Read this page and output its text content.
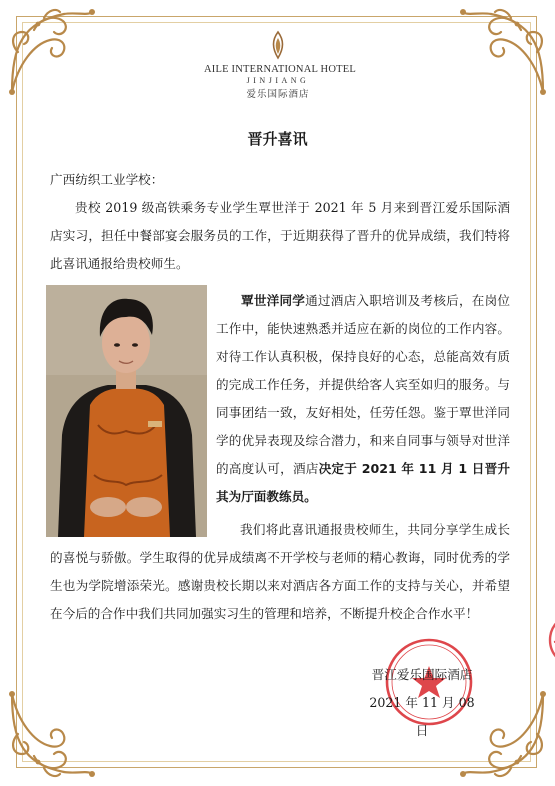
AILE INTERNATIONAL HOTEL
JINJIANG
爱乐国际酒店
晋升喜讯
广西纺织工业学校：
贵校 2019 级高铁乘务专业学生覃世洋于 2021 年 5 月来到晋江爱乐国际酒店实习，担任中餐部宴会服务员的工作，于近期获得了晋升的优异成绩，我们特将此喜讯通报给贵校师生。
覃世洋同学通过酒店入职培训及考核后，在岗位工作中，能快速熟悉并适应在新的岗位的工作内容。对待工作认真积极，保持良好的心态，总能高效有质的完成工作任务，并提供给客人宾至如归的服务。与同事团结一致，友好相处，任劳任怨。鉴于覃世洋同学的优异表现及综合潜力，和来自同事与领导对世洋的高度认可，酒店决定于 2021 年 11 月 1 日晋升其为厅面教练员。
我们将此喜讯通报贵校师生，共同分享学生成长的喜悦与骄傲。学生取得的优异成绩离不开学校与老师的精心教诲，同时优秀的学生也为学院增添荣光。感谢贵校长期以来对酒店各方面工作的支持与关心，并希望在今后的合作中我们共同加强实习生的管理和培养，不断提升校企合作水平！
晋江爱乐国际酒店
2021 年 11 月 08 日
